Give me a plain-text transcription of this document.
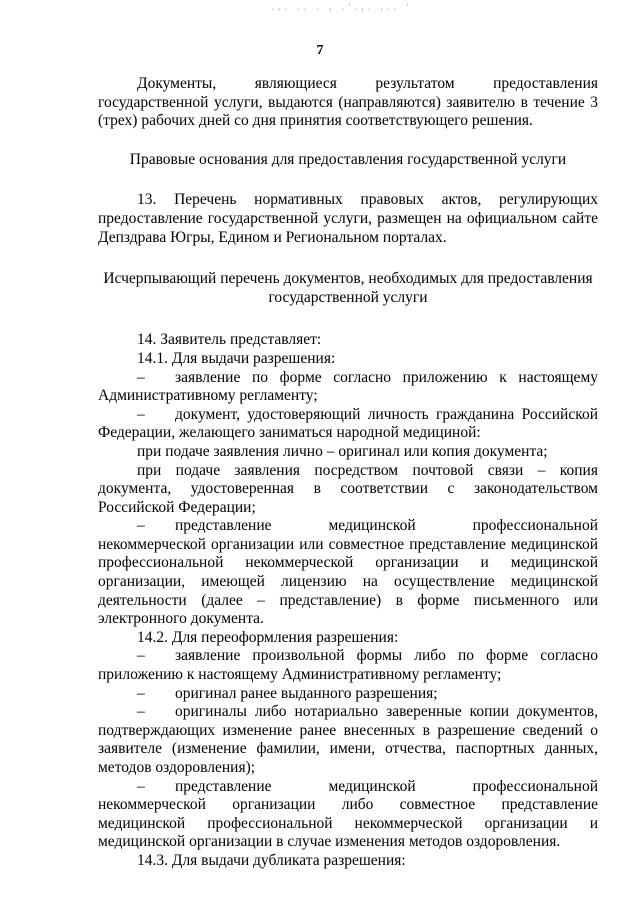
.,. .. . , .'.,. ,.. '
7

Документы, являющиеся результатом предоставления государственной услуги, выдаются (направляются) заявителю в течение 3 (трех) рабочих дней со дня принятия соответствующего решения.

Правовые основания для предоставления государственной услуги

13. Перечень нормативных правовых актов, регулирующих предоставление государственной услуги, размещен на официальном сайте Депздрава Югры, Едином и Региональном порталах.

Исчерпывающий перечень документов, необходимых для предоставления государственной услуги

14. Заявитель представляет:

14.1. Для выдачи разрешения:

– заявление по форме согласно приложению к настоящему Административному регламенту;

– документ, удостоверяющий личность гражданина Российской Федерации, желающего заниматься народной медициной:

при подаче заявления лично – оригинал или копия документа;

при подаче заявления посредством почтовой связи – копия документа, удостоверенная в соответствии с законодательством Российской Федерации;

– представление медицинской профессиональной некоммерческой организации или совместное представление медицинской профессиональной некоммерческой организации и медицинской организации, имеющей лицензию на осуществление медицинской деятельности (далее – представление) в форме письменного или электронного документа.

14.2. Для переоформления разрешения:

– заявление произвольной формы либо по форме согласно приложению к настоящему Административному регламенту;

– оригинал ранее выданного разрешения;

– оригиналы либо нотариально заверенные копии документов, подтверждающих изменение ранее внесенных в разрешение сведений о заявителе (изменение фамилии, имени, отчества, паспортных данных, методов оздоровления);

– представление медицинской профессиональной некоммерческой организации либо совместное представление медицинской профессиональной некоммерческой организации и медицинской организации в случае изменения методов оздоровления.

14.3. Для выдачи дубликата разрешения:
